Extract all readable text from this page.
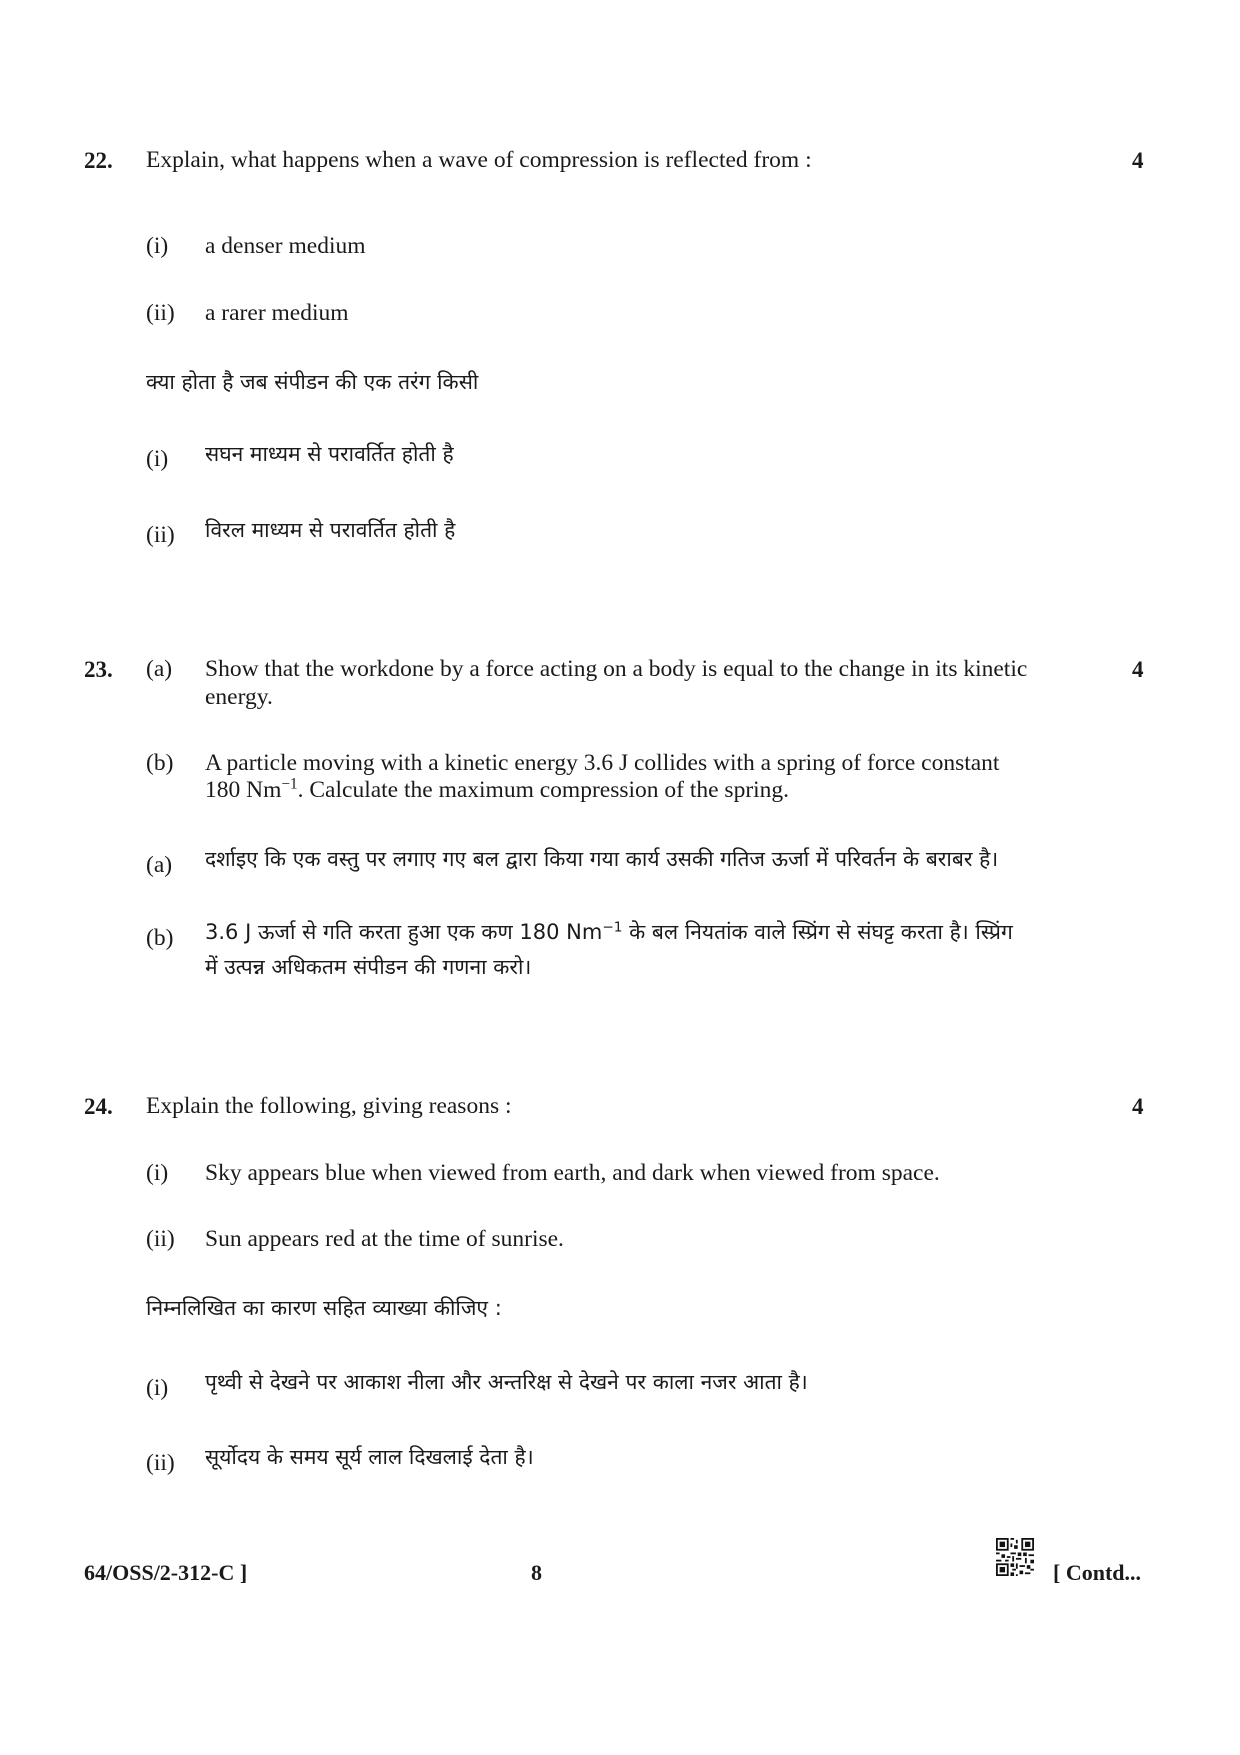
22. Explain, what happens when a wave of compression is reflected from :	4
(i) a denser medium
(ii) a rarer medium
क्या होता है जब संपीडन की एक तरंग किसी
(i) सघन माध्यम से परावर्तित होती है
(ii) विरल माध्यम से परावर्तित होती है
23. (a) Show that the workdone by a force acting on a body is equal to the change in its kinetic
energy.
4
(b) A particle moving with a kinetic energy 3.6 J collides with a spring of force constant
180 $Nm^{-1}$. Calculate the maximum compression of the spring.
(a) दर्शाइए कि एक वस्तु पर लगाए गए बल द्वारा किया गया कार्य उसकी गतिज ऊर्जा में परिवर्तन के बराबर है।
(b) 3.6 J ऊर्जा से गति करता हुआ एक कण 180 $Nm^{-1}$ के बल नियतांक वाले स्प्रिंग से संघट्ट करता है। स्प्रिंग
में उत्पन्न अधिकतम संपीडन की गणना करो।
24. Explain the following, giving reasons :	4
(i) Sky appears blue when viewed from earth, and dark when viewed from space.
(ii) Sun appears red at the time of sunrise.
निम्नलिखित का कारण सहित व्याख्या कीजिए :
(i) पृथ्वी से देखने पर आकाश नीला और अन्तरिक्ष से देखने पर काला नजर आता है।
(ii) सूर्योदय के समय सूर्य लाल दिखलाई देता है।
64/OSS/2-312-C ]	8	[ Contd...
